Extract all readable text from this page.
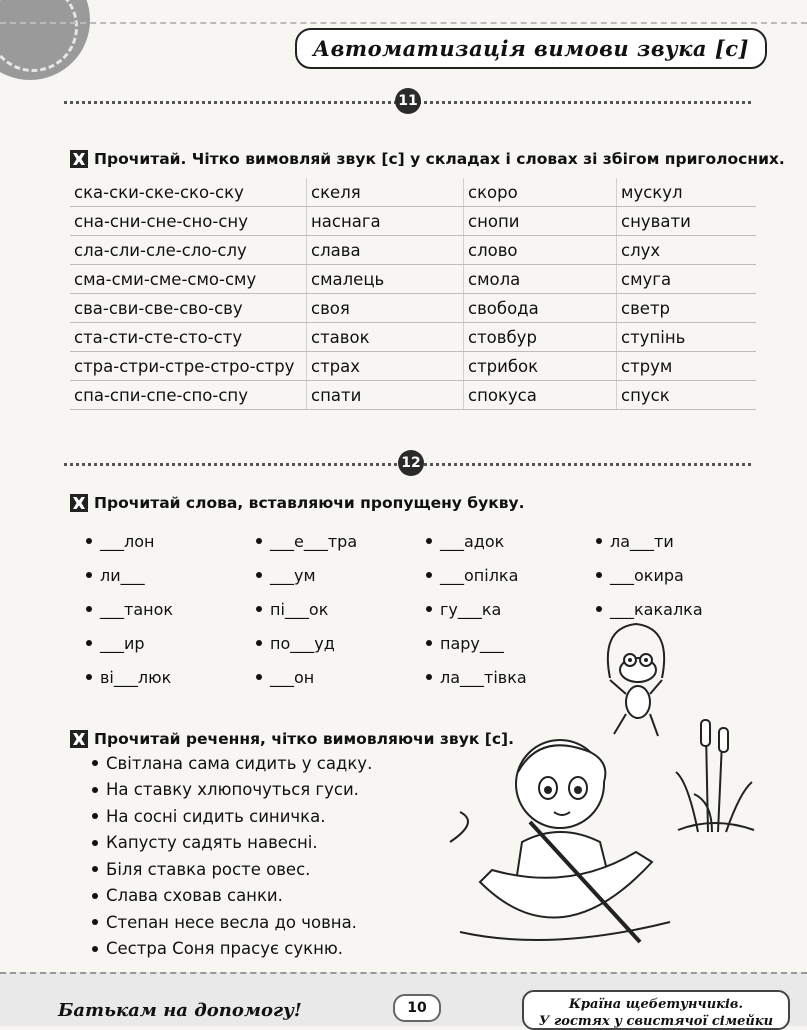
Автоматизація вимови звука [с]
11
Прочитай. Чітко вимовляй звук [с] у складах і словах зі збігом приголосних.
ска-ски-ске-ско-ску	скеля	скоро	мускул
сна-сни-сне-сно-сну	наснага	снопи	снувати
сла-сли-сле-сло-слу	слава	слово	слух
сма-сми-сме-смо-сму	смалець	смола	смуга
сва-сви-све-сво-сву	своя	свобода	светр
ста-сти-сте-сто-сту	ставок	стовбур	ступінь
стра-стри-стре-стро-стру	страх	стрибок	струм
спа-спи-спе-спо-спу	спати	спокуса	спуск
12
Прочитай слова, вставляючи пропущену букву.
___лон	___е___тра	___адок	ла___ти
ли___	___ум	___опілка	___окира
___танок	пі___ок	гу___ка	___какалка
___ир	по___уд	пару___
ві___люк	___он	ла___тівка
Прочитай речення, чітко вимовляючи звук [с].
Світлана сама сидить у садку.
На ставку хлюпочуться гуси.
На сосні сидить синичка.
Капусту садять навесні.
Біля ставка росте овес.
Слава сховав санки.
Степан несе весла до човна.
Сестра Соня прасує сукню.
Батькам на допомогу!	10	Країна щебетунчиків.
У гостях у свистячої сімейки
